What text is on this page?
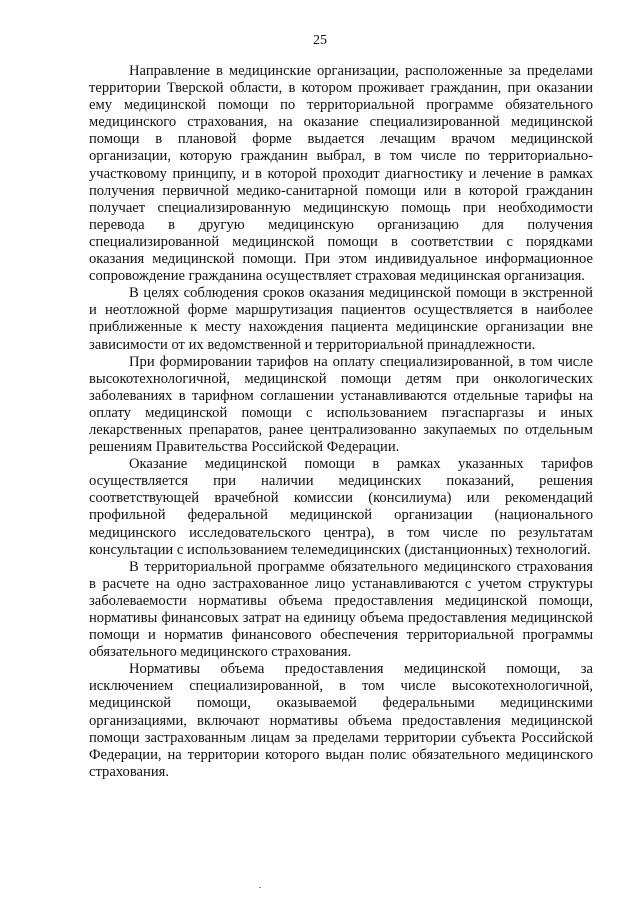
25

Направление в медицинские организации, расположенные за пределами территории Тверской области, в котором проживает гражданин, при оказании ему медицинской помощи по территориальной программе обязательного медицинского страхования, на оказание специализированной медицинской помощи в плановой форме выдается лечащим врачом медицинской организации, которую гражданин выбрал, в том числе по территориально-участковому принципу, и в которой проходит диагностику и лечение в рамках получения первичной медико-санитарной помощи или в которой гражданин получает специализированную медицинскую помощь при необходимости перевода в другую медицинскую организацию для получения специализированной медицинской помощи в соответствии с порядками оказания медицинской помощи. При этом индивидуальное информационное сопровождение гражданина осуществляет страховая медицинская организация.

В целях соблюдения сроков оказания медицинской помощи в экстренной и неотложной форме маршрутизация пациентов осуществляется в наиболее приближенные к месту нахождения пациента медицинские организации вне зависимости от их ведомственной и территориальной принадлежности.

При формировании тарифов на оплату специализированной, в том числе высокотехнологичной, медицинской помощи детям при онкологических заболеваниях в тарифном соглашении устанавливаются отдельные тарифы на оплату медицинской помощи с использованием пэгаспаргазы и иных лекарственных препаратов, ранее централизованно закупаемых по отдельным решениям Правительства Российской Федерации.

Оказание медицинской помощи в рамках указанных тарифов осуществляется при наличии медицинских показаний, решения соответствующей врачебной комиссии (консилиума) или рекомендаций профильной федеральной медицинской организации (национального медицинского исследовательского центра), в том числе по результатам консультации с использованием телемедицинских (дистанционных) технологий.

В территориальной программе обязательного медицинского страхования в расчете на одно застрахованное лицо устанавливаются с учетом структуры заболеваемости нормативы объема предоставления медицинской помощи, нормативы финансовых затрат на единицу объема предоставления медицинской помощи и норматив финансового обеспечения территориальной программы обязательного медицинского страхования.

Нормативы объема предоставления медицинской помощи, за исключением специализированной, в том числе высокотехнологичной, медицинской помощи, оказываемой федеральными медицинскими организациями, включают нормативы объема предоставления медицинской помощи застрахованным лицам за пределами территории субъекта Российской Федерации, на территории которого выдан полис обязательного медицинского страхования.
